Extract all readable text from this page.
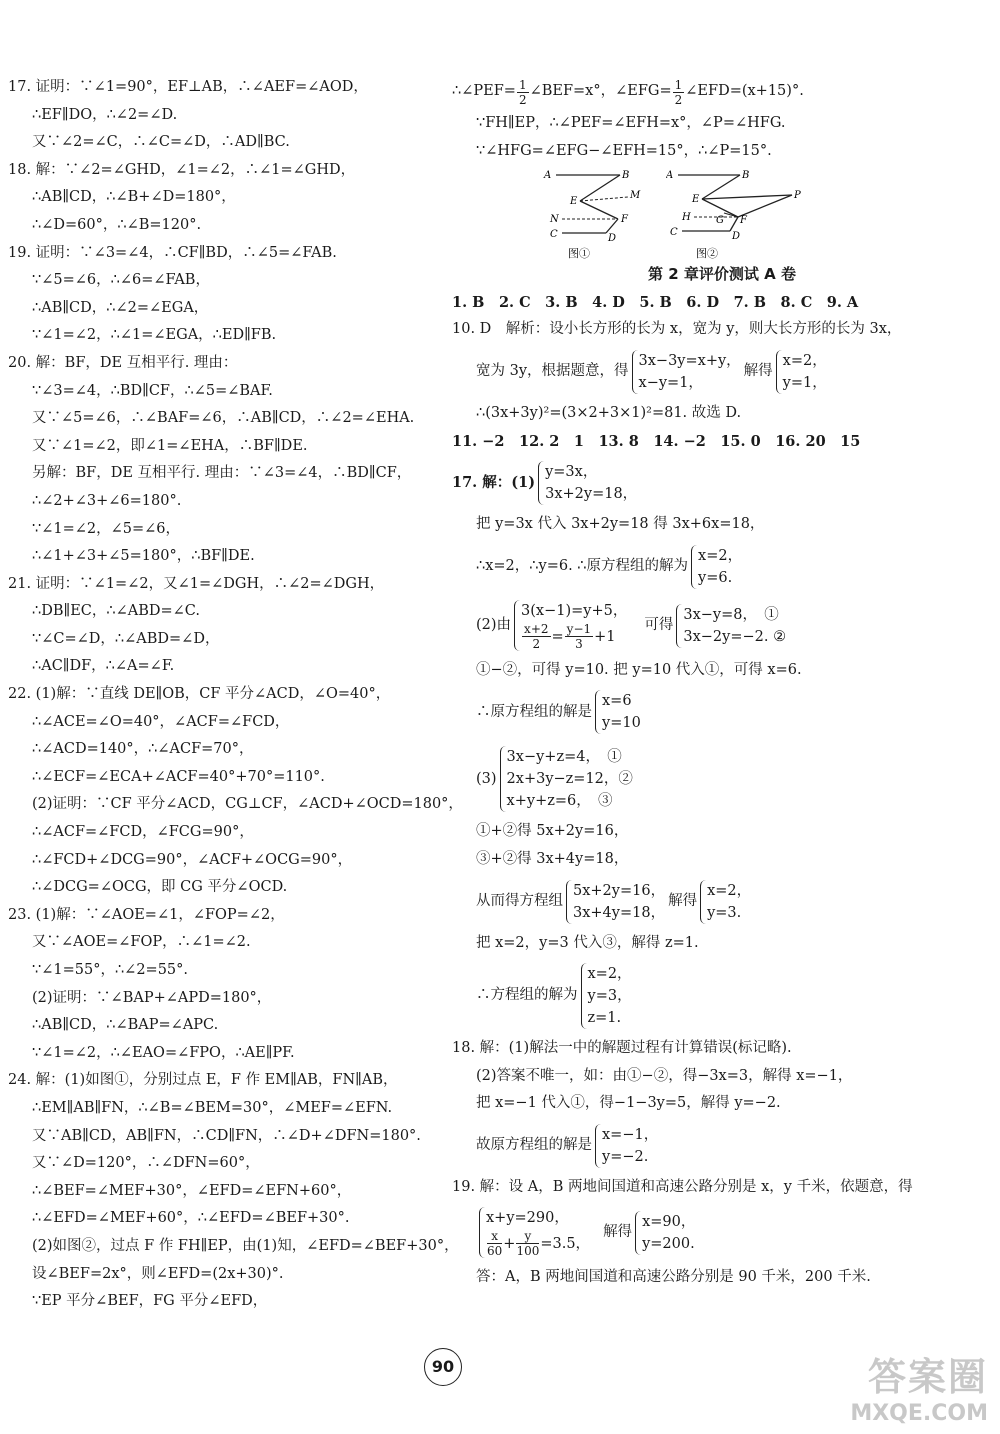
17. 证明：∵∠1=90°，EF⊥AB，∴∠AEF=∠AOD，
∴EF∥DO，∴∠2=∠D.
又∵∠2=∠C，∴∠C=∠D，∴AD∥BC.
18. 解：∵∠2=∠GHD，∠1=∠2，∴∠1=∠GHD，
∴AB∥CD，∴∠B+∠D=180°，
∴∠D=60°，∴∠B=120°.
19. 证明：∵∠3=∠4，∴CF∥BD，∴∠5=∠FAB.
∵∠5=∠6，∴∠6=∠FAB，
∴AB∥CD，∴∠2=∠EGA，
∵∠1=∠2，∴∠1=∠EGA，∴ED∥FB.
20. 解：BF，DE 互相平行. 理由：
∵∠3=∠4，∴BD∥CF，∴∠5=∠BAF.
又∵∠5=∠6，∴∠BAF=∠6，∴AB∥CD，∴∠2=∠EHA.
又∵∠1=∠2，即∠1=∠EHA，∴BF∥DE.
另解：BF，DE 互相平行. 理由：∵∠3=∠4，∴BD∥CF，
∴∠2+∠3+∠6=180°.
∵∠1=∠2，∠5=∠6，
∴∠1+∠3+∠5=180°，∴BF∥DE.
21. 证明：∵∠1=∠2，又∠1=∠DGH，∴∠2=∠DGH，
∴DB∥EC，∴∠ABD=∠C.
∵∠C=∠D，∴∠ABD=∠D，
∴AC∥DF，∴∠A=∠F.
22. (1)解：∵直线 DE∥OB，CF 平分∠ACD，∠O=40°，
∴∠ACE=∠O=40°，∠ACF=∠FCD，
∴∠ACD=140°，∴∠ACF=70°，
∴∠ECF=∠ECA+∠ACF=40°+70°=110°.
(2)证明：∵CF 平分∠ACD，CG⊥CF，∠ACD+∠OCD=180°，
∴∠ACF=∠FCD，∠FCG=90°，
∴∠FCD+∠DCG=90°，∠ACF+∠OCG=90°，
∴∠DCG=∠OCG，即 CG 平分∠OCD.
23. (1)解：∵∠AOE=∠1，∠FOP=∠2，
又∵∠AOE=∠FOP，∴∠1=∠2.
∵∠1=55°，∴∠2=55°.
(2)证明：∵∠BAP+∠APD=180°，
∴AB∥CD，∴∠BAP=∠APC.
∵∠1=∠2，∴∠EAO=∠FPO，∴AE∥PF.
24. 解：(1)如图①，分别过点 E，F 作 EM∥AB，FN∥AB，
∴EM∥AB∥FN，∴∠B=∠BEM=30°，∠MEF=∠EFN.
又∵AB∥CD，AB∥FN，∴CD∥FN，∴∠D+∠DFN=180°.
又∵∠D=120°，∴∠DFN=60°，
∴∠BEF=∠MEF+30°，∠EFD=∠EFN+60°，
∴∠EFD=∠MEF+60°，∴∠EFD=∠BEF+30°.
(2)如图②，过点 F 作 FH∥EP，由(1)知，∠EFD=∠BEF+30°，
设∠BEF=2x°，则∠EFD=(2x+30)°.
∵EP 平分∠BEF，FG 平分∠EFD，
∴∠PEF= $\frac{1}{2}$ ∠BEF=x°，∠EFG= $\frac{1}{2}$ ∠EFD=(x+15)°.
∵FH∥EP，∴∠PEF=∠EFH=x°，∠P=∠HFG.
∵∠HFG=∠EFG−∠EFH=15°，∴∠P=15°.
A	B
E
M
N	F
C	D
图①
A	B
E	P
H	G F
C	D
图②
第 2 章评价测试 A 卷
1. B　2. C　3. B　4. D　5. B　6. D　7. B　8. C　9. A
10. D　解析：设小长方形的长为 x，宽为 y，则大长方形的长为 3x，
宽为 3y，根据题意，得
3x−3y=x+y，
x−y=1，
解得
x=2，
y=1，
∴(3x+3y)²=(3×2+3×1)²=81. 故选 D.
11. −2　12. 2　1　13. 8　14. −2　15. 0　16. 20　15
17. 解：(1)
y=3x，
3x+2y=18，
把 y=3x 代入 3x+2y=18 得 3x+6x=18，
∴x=2，∴y=6. ∴原方程组的解为
x=2，
y=6.
(2)由
3(x−1)=y+5，
$\frac{x+2}{2} = \frac{y-1}{3} +1$
可得
3x−y=8，　①
3x−2y=−2. ②
①−②，可得 y=10. 把 y=10 代入①，可得 x=6.
∴原方程组的解是
x=6
y=10
(3)
3x−y+z=4，　①
2x+3y−z=12，②
x+y+z=6，　③
①+②得 5x+2y=16，
③+②得 3x+4y=18，
从而得方程组
5x+2y=16，
3x+4y=18，
解得
x=2，
y=3.
把 x=2，y=3 代入③，解得 z=1.
∴方程组的解为
x=2，
y=3，
z=1.
18. 解：(1)解法一中的解题过程有计算错误(标记略).
(2)答案不唯一，如：由①−②，得−3x=3，解得 x=−1，
把 x=−1 代入①，得−1−3y=5，解得 y=−2.
故原方程组的解是
x=−1，
y=−2.
19. 解：设 A，B 两地间国道和高速公路分别是 x，y 千米，依题意，得
x+y=290，
$\frac{x}{60} + \frac{y}{100} =3.5$，
解得
x=90，
y=200.
答：A，B 两地间国道和高速公路分别是 90 千米，200 千米.
90	答案圈
MXQE.COM
